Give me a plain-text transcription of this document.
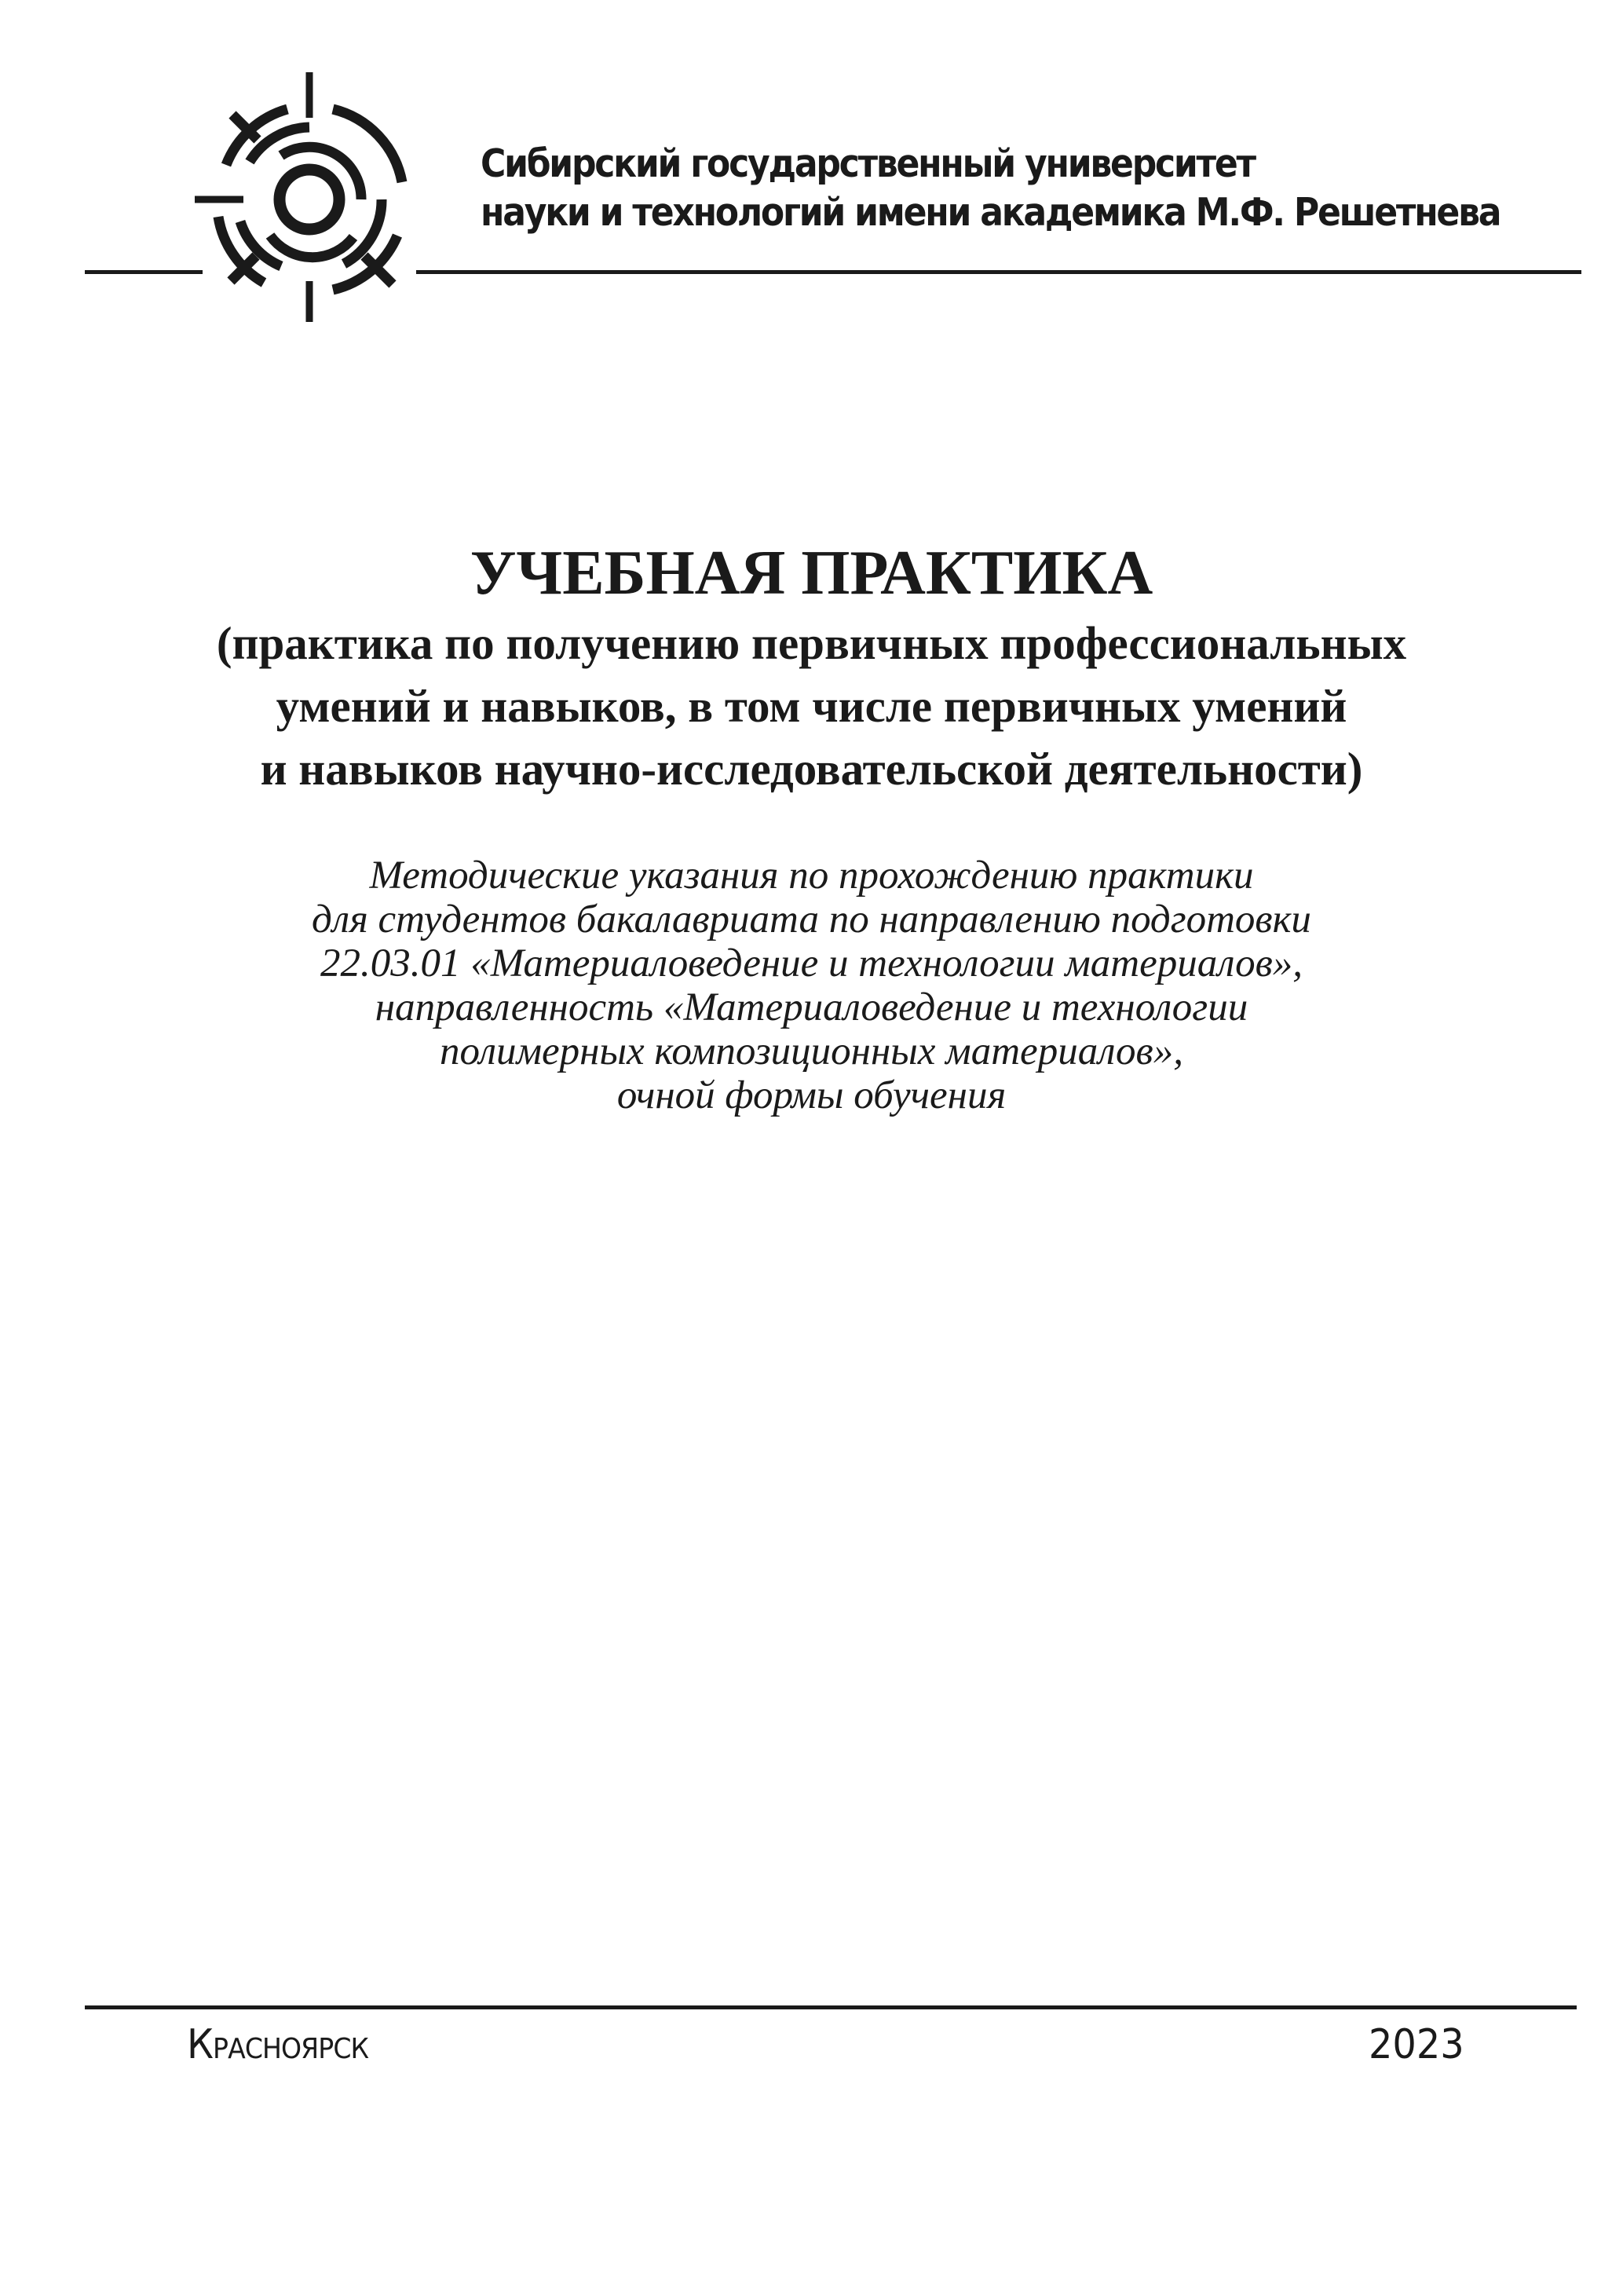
Сибирский государственный университет
науки и технологий имени академика М.Ф. Решетнева
УЧЕБНАЯ ПРАКТИКА
(практика по получению первичных профессиональных
умений и навыков, в том числе первичных умений
и навыков научно-исследовательской деятельности)
Методические указания по прохождению практики
для студентов бакалавриата по направлению подготовки
22.03.01 «Материаловедение и технологии материалов»,
направленность «Материаловедение и технологии
полимерных композиционных материалов»,
очной формы обучения
Красноярск	2023
